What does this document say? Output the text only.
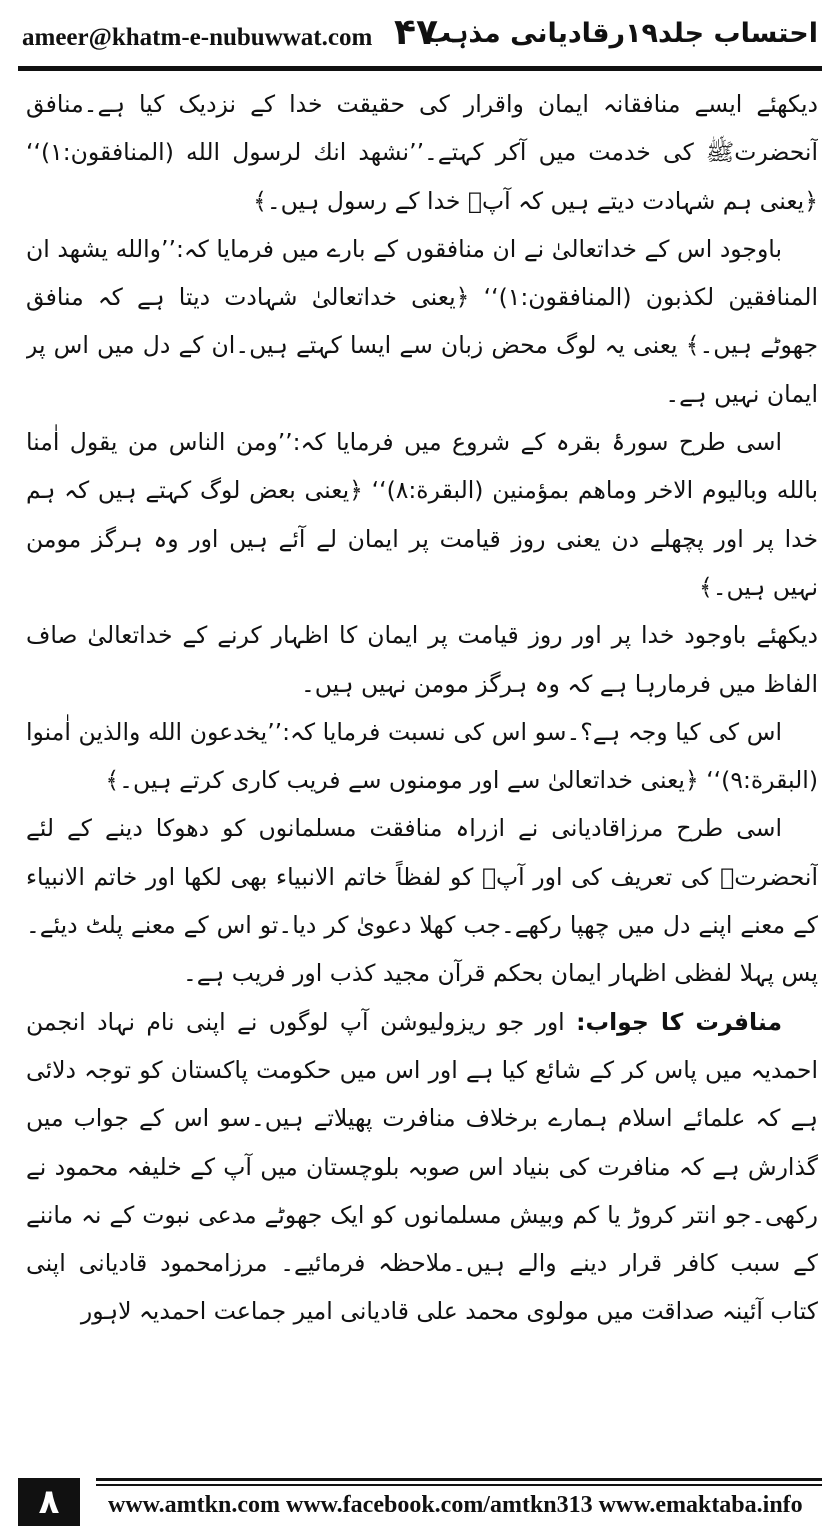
ameer@khatm-e-nubuwwat.com ۴۷
احتساب جلد۱۹رقادیانی مذہب

دیکھئے ایسے منافقانہ ایمان واقرار کی حقیقت خدا کے نزدیک کیا ہے۔منافق آنحضرتﷺ کی خدمت میں آکر کہتے۔’’نشهد انك لرسول الله (المنافقون:۱)‘‘ ﴿یعنی ہم شہادت دیتے ہیں کہ آپؐ خدا کے رسول ہیں۔﴾

باوجود اس کے خداتعالیٰ نے ان منافقوں کے بارے میں فرمایا کہ:’’والله يشهد ان المنافقين لكذبون (المنافقون:۱)‘‘ ﴿یعنی خداتعالیٰ شہادت دیتا ہے کہ منافق جھوٹے ہیں۔﴾ یعنی یہ لوگ محض زبان سے ایسا کہتے ہیں۔ان کے دل میں اس پر ایمان نہیں ہے۔

اسی طرح سورۂ بقرہ کے شروع میں فرمایا کہ:’’ومن الناس من يقول اٰمنا بالله وباليوم الاخر وماهم بمؤمنين (البقرة:۸)‘‘ ﴿یعنی بعض لوگ کہتے ہیں کہ ہم خدا پر اور پچھلے دن یعنی روز قیامت پر ایمان لے آئے ہیں اور وہ ہرگز مومن نہیں ہیں۔﴾

دیکھئے باوجود خدا پر اور روز قیامت پر ایمان کا اظہار کرنے کے خداتعالیٰ صاف الفاظ میں فرمارہا ہے کہ وہ ہرگز مومن نہیں ہیں۔

اس کی کیا وجہ ہے؟۔سو اس کی نسبت فرمایا کہ:’’يخدعون الله والذين اٰمنوا (البقرة:۹)‘‘ ﴿یعنی خداتعالیٰ سے اور مومنوں سے فریب کاری کرتے ہیں۔﴾

اسی طرح مرزاقادیانی نے ازراہ منافقت مسلمانوں کو دھوکا دینے کے لئے آنحضرتﷺ کی تعریف کی اور آپؐ کو لفظاً خاتم الانبیاء بھی لکھا اور خاتم الانبیاء کے معنے اپنے دل میں چھپا رکھے۔جب کھلا دعویٰ کر دیا۔تو اس کے معنے پلٹ دیئے۔پس پہلا لفظی اظہار ایمان بحکم قرآن مجید کذب اور فریب ہے۔

منافرت کا جواب: اور جو ریزولیوشن آپ لوگوں نے اپنی نام نہاد انجمن احمدیہ میں پاس کر کے شائع کیا ہے اور اس میں حکومت پاکستان کو توجہ دلائی ہے کہ علمائے اسلام ہمارے برخلاف منافرت پھیلاتے ہیں۔سو اس کے جواب میں گذارش ہے کہ منافرت کی بنیاد اس صوبہ بلوچستان میں آپ کے خلیفہ محمود نے رکھی۔جو انتر کروڑ یا کم وبیش مسلمانوں کو ایک جھوٹے مدعی نبوت کے نہ ماننے کے سبب کافر قرار دینے والے ہیں۔ملاحظہ فرمائیے۔ مرزامحمود قادیانی اپنی کتاب آئینہ صداقت میں مولوی محمد علی قادیانی امیر جماعت احمدیہ لاہور

۸	www.amtkn.com www.facebook.com/amtkn313 www.emaktaba.info
